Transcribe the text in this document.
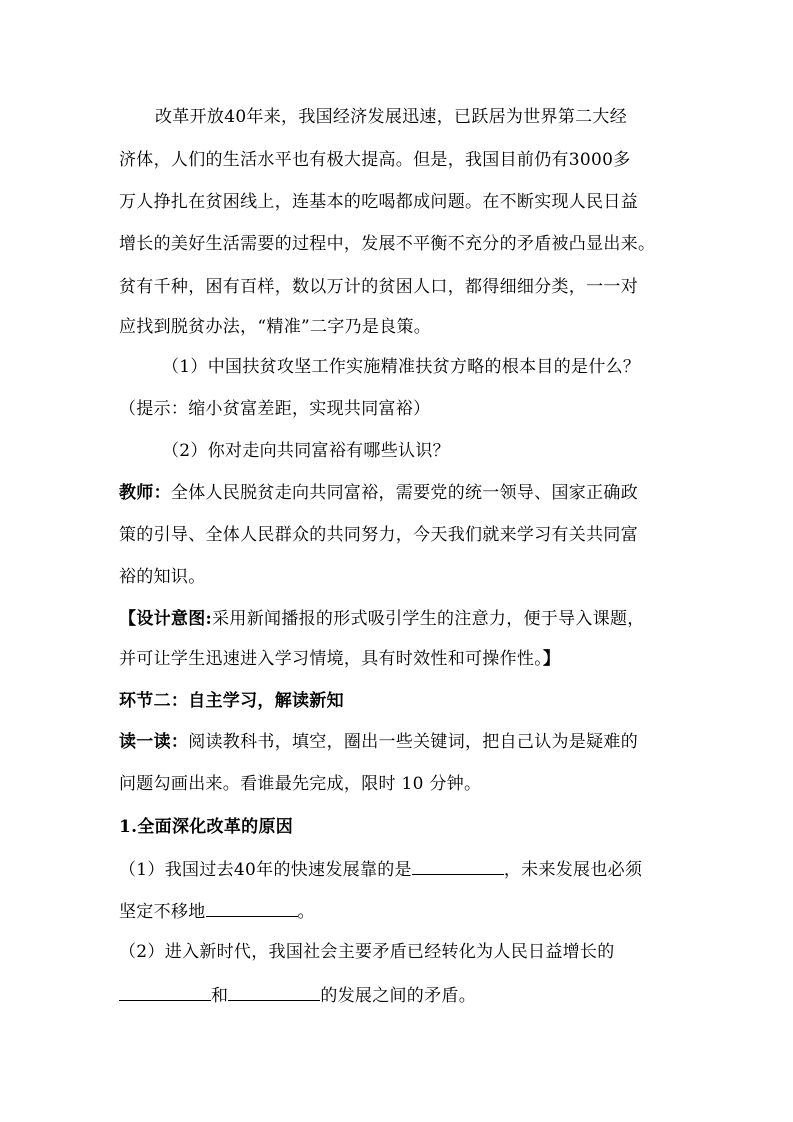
改革开放40年来，我国经济发展迅速，已跃居为世界第二大经
济体，人们的生活水平也有极大提高。但是，我国目前仍有3000多
万人挣扎在贫困线上，连基本的吃喝都成问题。在不断实现人民日益
增长的美好生活需要的过程中，发展不平衡不充分的矛盾被凸显出来。
贫有千种，困有百样，数以万计的贫困人口，都得细细分类，一一对
应找到脱贫办法，“精准”二字乃是良策。
（1）中国扶贫攻坚工作实施精准扶贫方略的根本目的是什么？
（提示：缩小贫富差距，实现共同富裕）
（2）你对走向共同富裕有哪些认识？
教师：全体人民脱贫走向共同富裕，需要党的统一领导、国家正确政
策的引导、全体人民群众的共同努力，今天我们就来学习有关共同富
裕的知识。
【设计意图:采用新闻播报的形式吸引学生的注意力，便于导入课题，
并可让学生迅速进入学习情境，具有时效性和可操作性。】
环节二：自主学习，解读新知
读一读：阅读教科书，填空，圈出一些关键词，把自己认为是疑难的
问题勾画出来。看谁最先完成，限时 10 分钟。
1.全面深化改革的原因
（1）我国过去40年的快速发展靠的是	，未来发展也必须
坚定不移地	。
（2）进入新时代，我国社会主要矛盾已经转化为人民日益增长的
和	的发展之间的矛盾。
